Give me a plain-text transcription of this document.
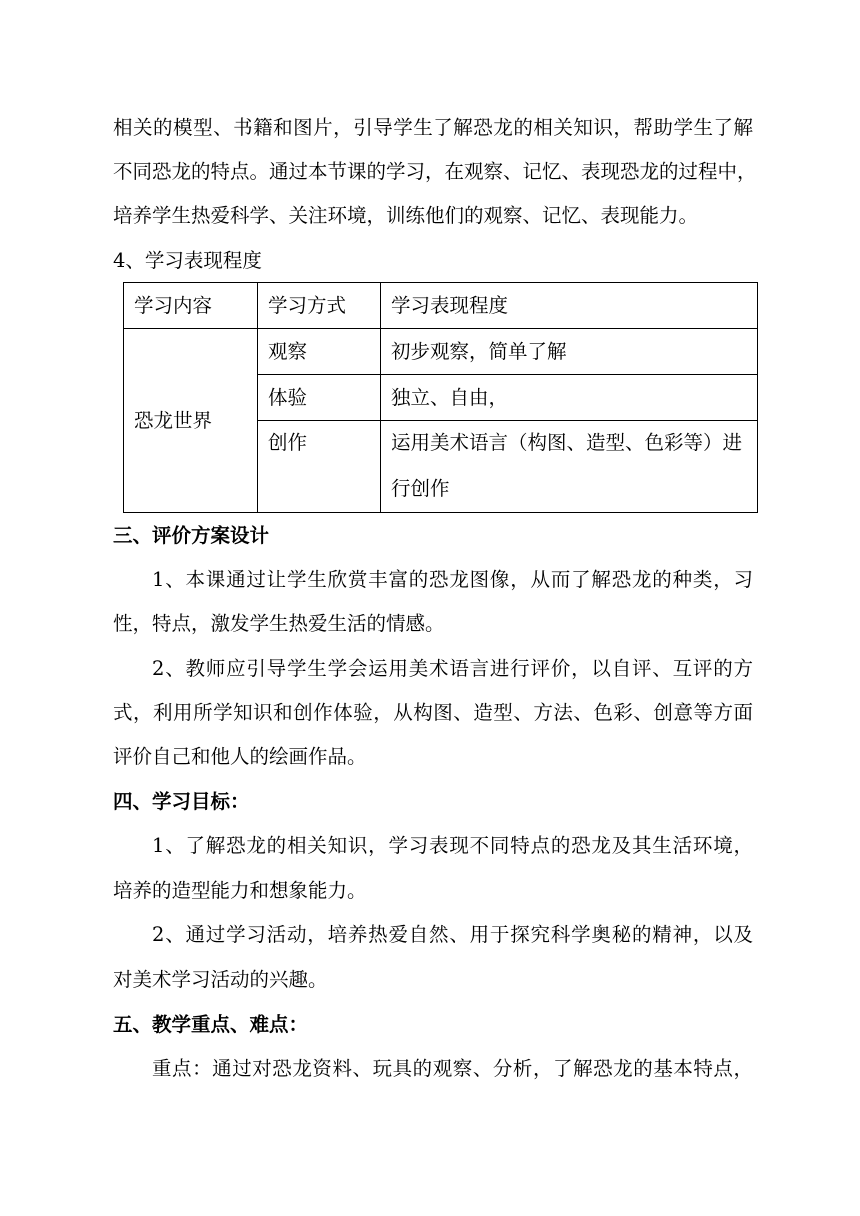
相关的模型、书籍和图片，引导学生了解恐龙的相关知识，帮助学生了解
不同恐龙的特点。通过本节课的学习，在观察、记忆、表现恐龙的过程中，
培养学生热爱科学、关注环境，训练他们的观察、记忆、表现能力。
4、学习表现程度
学习内容	学习方式	学习表现程度
恐龙世界	观察	初步观察，简单了解
	体验	独立、自由，
	创作	运用美术语言（构图、造型、色彩等）进行创作
三、评价方案设计
1、本课通过让学生欣赏丰富的恐龙图像，从而了解恐龙的种类，习
性，特点，激发学生热爱生活的情感。
2、教师应引导学生学会运用美术语言进行评价，以自评、互评的方
式，利用所学知识和创作体验，从构图、造型、方法、色彩、创意等方面
评价自己和他人的绘画作品。
四、学习目标：
1、了解恐龙的相关知识，学习表现不同特点的恐龙及其生活环境，
培养的造型能力和想象能力。
2、通过学习活动，培养热爱自然、用于探究科学奥秘的精神，以及
对美术学习活动的兴趣。
五、教学重点、难点：
重点：通过对恐龙资料、玩具的观察、分析，了解恐龙的基本特点，
